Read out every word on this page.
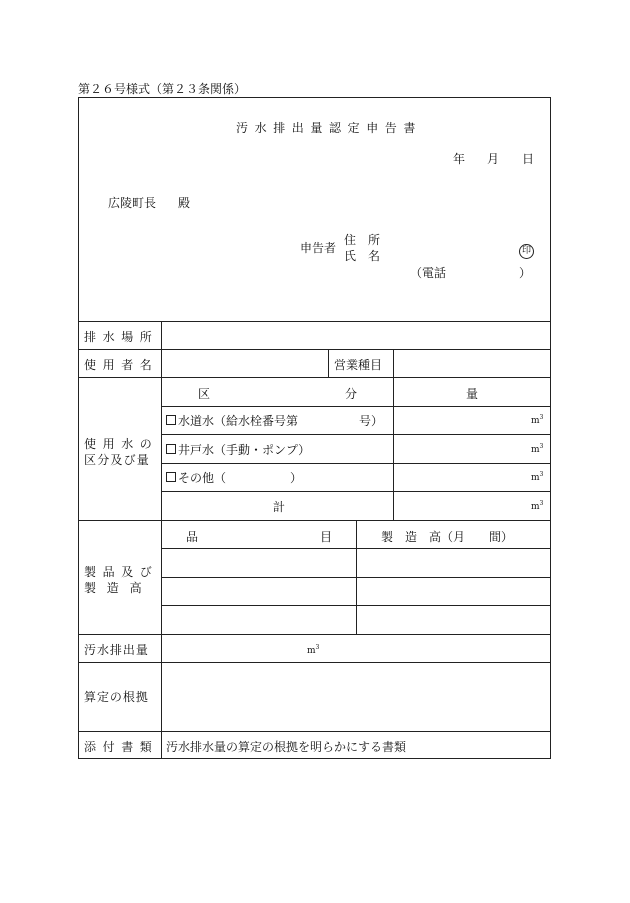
第２６号様式（第２３条関係）
汚水排出量認定申告書
年 月 日
広陵町長 殿
申告者
住　所
氏　名	印
（電話	）
排水場所
使用者名	営業種目
使用水の
区分及び量
区	分	量
水道水（給水栓番号第	号）	$m^3$
井戸水（手動・ポンプ）	$m^3$
その他（	）	$m^3$
計	$m^3$
製品及び
製造高
品	目	製　造　高（月　　間）
汚水排出量	$m^3$
算定の根拠
添付書類 汚水排水量の算定の根拠を明らかにする書類
